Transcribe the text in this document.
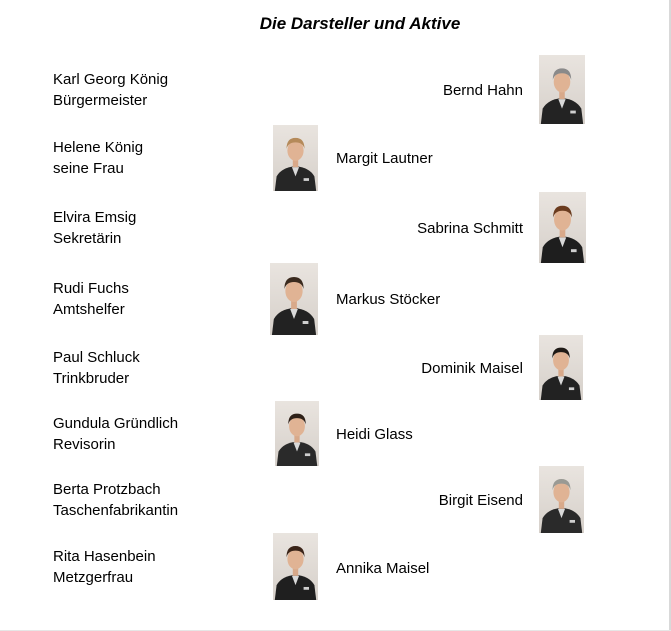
Die Darsteller und Aktive
Karl Georg König
Bürgermeister
Bernd Hahn
Helene König
seine Frau
Margit Lautner
Elvira Emsig
Sekretärin
Sabrina Schmitt
Rudi Fuchs
Amtshelfer
Markus Stöcker
Paul Schluck
Trinkbruder
Dominik Maisel
Gundula Gründlich
Revisorin
Heidi Glass
Berta Protzbach
Taschenfabrikantin
Birgit Eisend
Rita Hasenbein
Metzgerfrau
Annika Maisel
